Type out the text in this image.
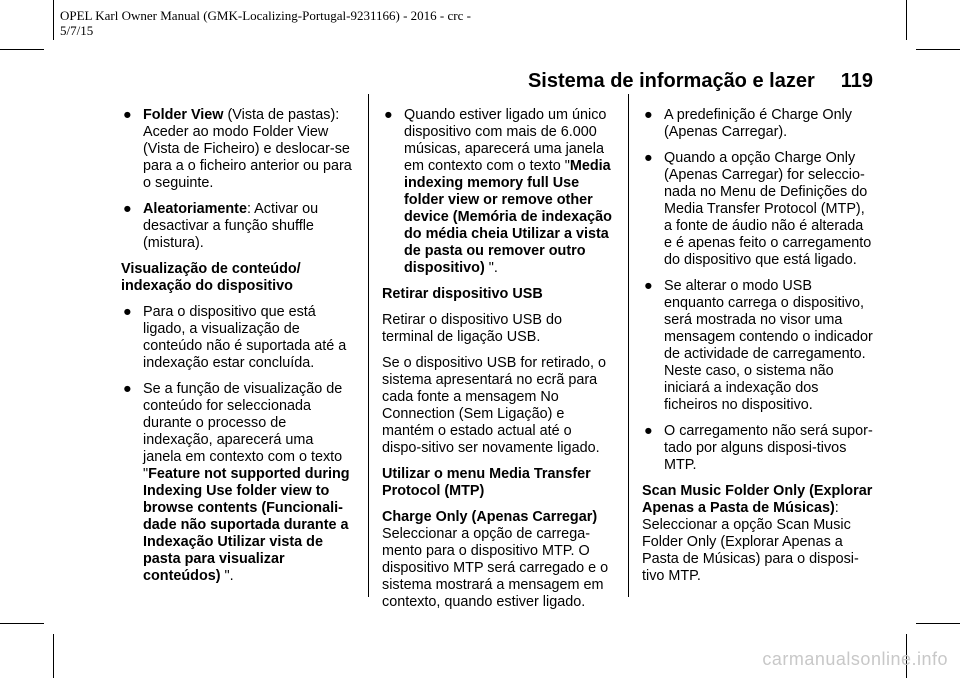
OPEL Karl Owner Manual (GMK-Localizing-Portugal-9231166) - 2016 - crc -
5/7/15
Sistema de informação e lazer 119

● Folder View (Vista de pastas): Aceder ao modo Folder View (Vista de Ficheiro) e deslocar-se para a o ficheiro anterior ou para o seguinte.

● Aleatoriamente: Activar ou desactivar a função shuffle (mistura).

Visualização de conteúdo/ indexação do dispositivo

● Para o dispositivo que está ligado, a visualização de conteúdo não é suportada até a indexação estar concluída.

● Se a função de visualização de conteúdo for seleccionada durante o processo de indexação, aparecerá uma janela em contexto com o texto "Feature not supported during Indexing Use folder view to browse contents (Funcionali-dade não suportada durante a Indexação Utilizar vista de pasta para visualizar conteúdos) ".

● Quando estiver ligado um único dispositivo com mais de 6.000 músicas, aparecerá uma janela em contexto com o texto "Media indexing memory full Use folder view or remove other device (Memória de indexação do média cheia Utilizar a vista de pasta ou remover outro dispositivo) ".

Retirar dispositivo USB

Retirar o dispositivo USB do terminal de ligação USB.

Se o dispositivo USB for retirado, o sistema apresentará no ecrã para cada fonte a mensagem No Connection (Sem Ligação) e mantém o estado actual até o dispo-sitivo ser novamente ligado.

Utilizar o menu Media Transfer Protocol (MTP)
Charge Only (Apenas Carregar)

Seleccionar a opção de carrega-mento para o dispositivo MTP. O dispositivo MTP será carregado e o sistema mostrará a mensagem em contexto, quando estiver ligado.

● A predefinição é Charge Only (Apenas Carregar).

● Quando a opção Charge Only (Apenas Carregar) for seleccio-nada no Menu de Definições do Media Transfer Protocol (MTP), a fonte de áudio não é alterada e é apenas feito o carregamento do dispositivo que está ligado.

● Se alterar o modo USB enquanto carrega o dispositivo, será mostrada no visor uma mensagem contendo o indicador de actividade de carregamento. Neste caso, o sistema não iniciará a indexação dos ficheiros no dispositivo.

● O carregamento não será supor-tado por alguns disposi-tivos MTP.

Scan Music Folder Only (Explorar Apenas a Pasta de Músicas): Seleccionar a opção Scan Music Folder Only (Explorar Apenas a Pasta de Músicas) para o disposi-tivo MTP.

carmanualsonline.info
